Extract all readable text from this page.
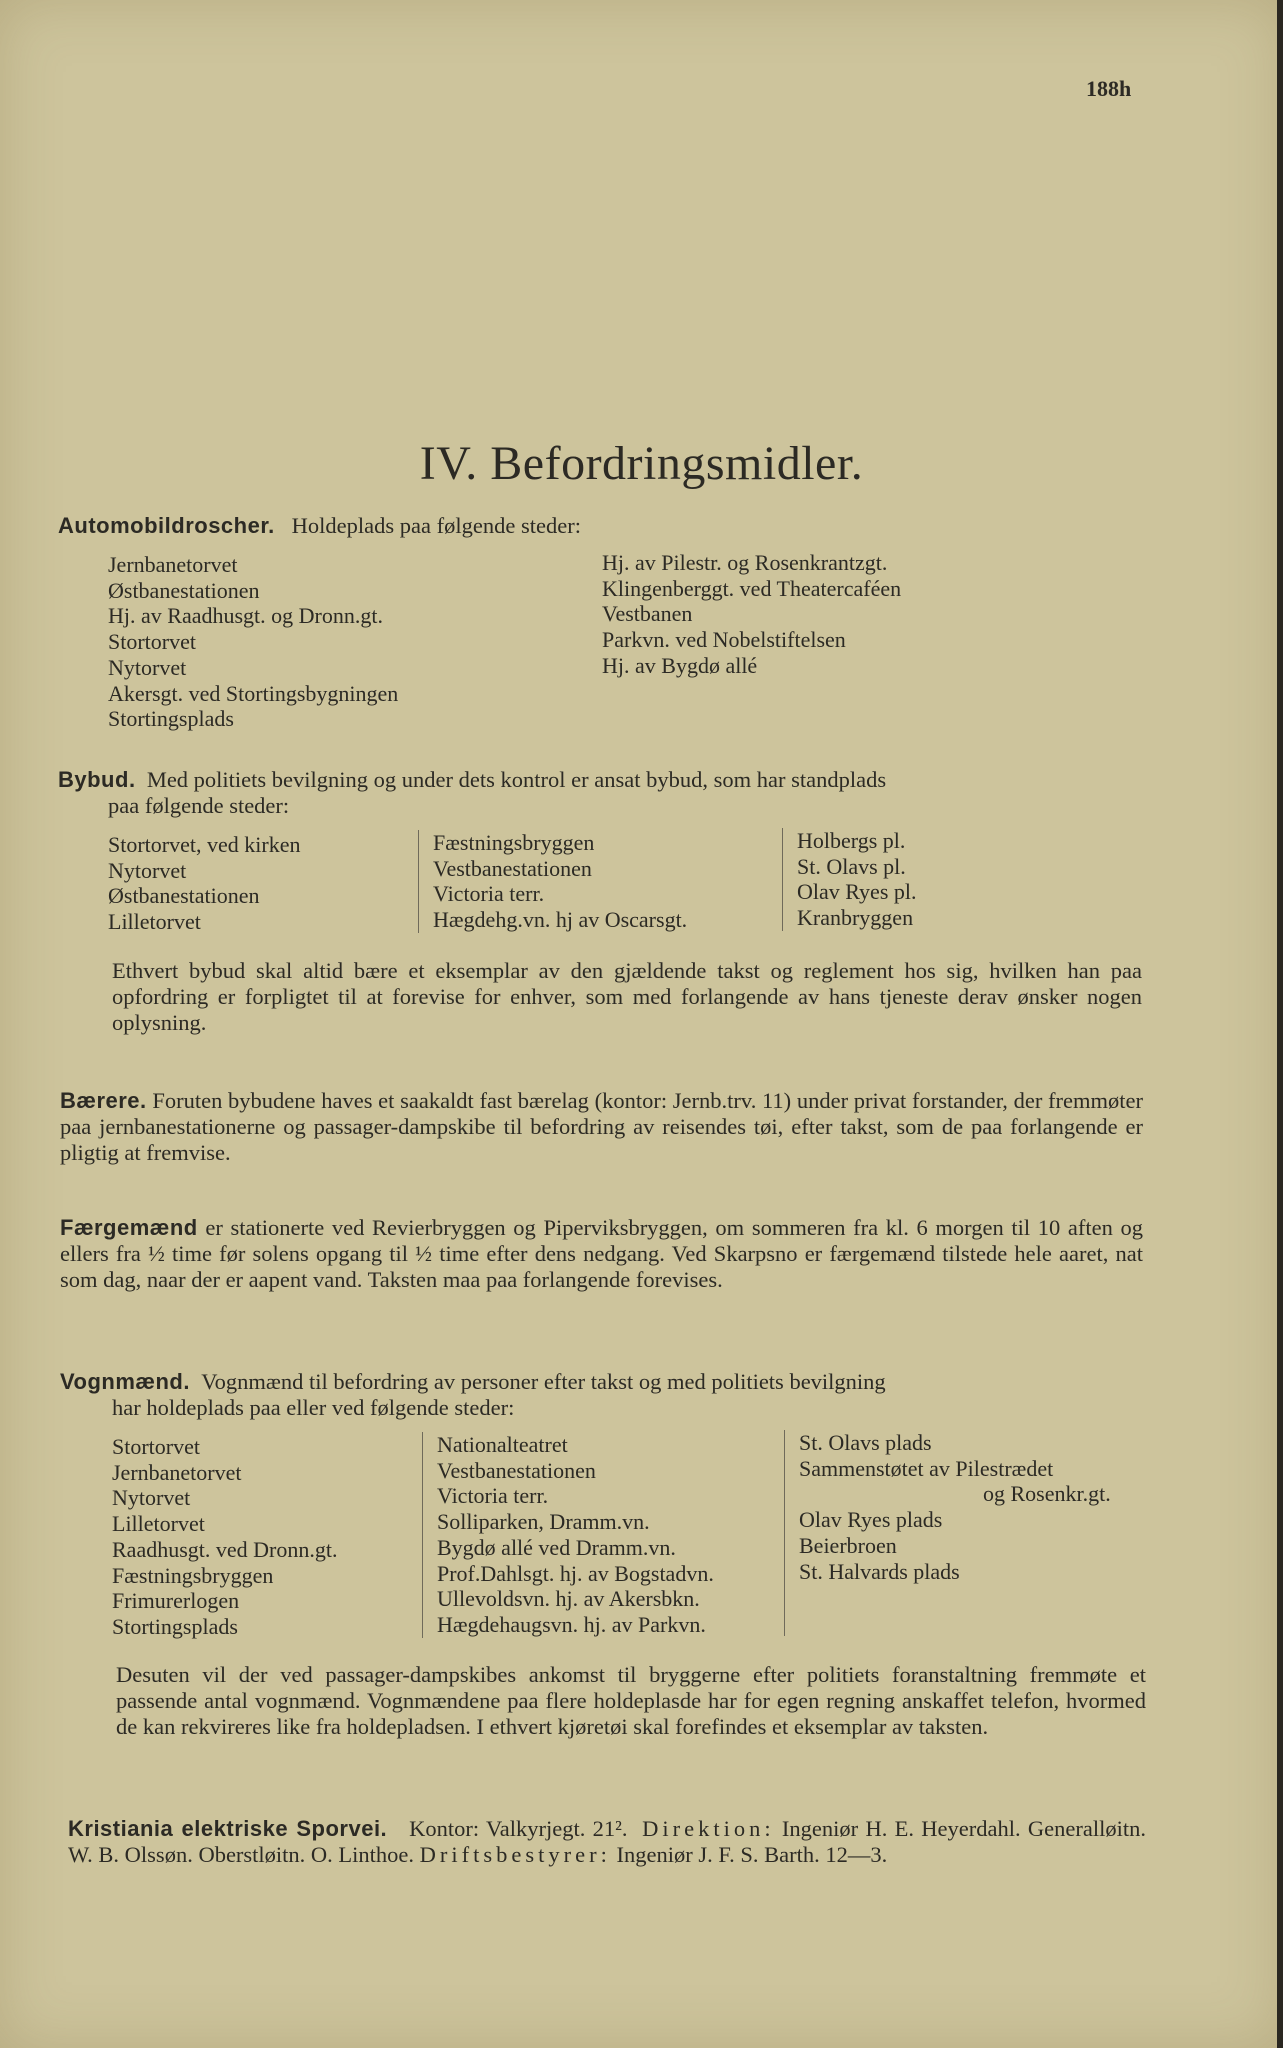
188h
IV. Befordringsmidler.
Automobildroscher. Holdeplads paa følgende steder:
Jernbanetorvet
Østbanestationen
Hj. av Raadhusgt. og Dronn.gt.
Stortorvet
Nytorvet
Akersgt. ved Stortingsbygningen
Stortingsplads
Hj. av Pilestr. og Rosenkrantzgt.
Klingenberggt. ved Theatercaféen
Vestbanen
Parkvn. ved Nobelstiftelsen
Hj. av Bygdø allé
Bybud. Med politiets bevilgning og under dets kontrol er ansat bybud, som har standplads
paa følgende steder:
Stortorvet, ved kirken
Nytorvet
Østbanestationen
Lilletorvet
Fæstningsbryggen
Vestbanestationen
Victoria terr.
Hægdehg.vn. hj av Oscarsgt.
Holbergs pl.
St. Olavs pl.
Olav Ryes pl.
Kranbryggen
Ethvert bybud skal altid bære et eksemplar av den gjældende takst og reglement hos sig, hvilken han paa opfordring er forpligtet til at forevise for enhver, som med forlangende av hans tjeneste derav ønsker nogen oplysning.
Bærere. Foruten bybudene haves et saakaldt fast bærelag (kontor: Jernb.trv. 11) under privat forstander, der fremmøter paa jernbanestationerne og passager-dampskibe til befordring av reisendes tøi, efter takst, som de paa forlangende er pligtig at fremvise.
Færgemænd er stationerte ved Revierbryggen og Piperviksbryggen, om sommeren fra kl. 6 morgen til 10 aften og ellers fra ½ time før solens opgang til ½ time efter dens nedgang. Ved Skarpsno er færgemænd tilstede hele aaret, nat som dag, naar der er aapent vand. Taksten maa paa forlangende forevises.
Vognmænd. Vognmænd til befordring av personer efter takst og med politiets bevilgning
har holdeplads paa eller ved følgende steder:
Stortorvet
Jernbanetorvet
Nytorvet
Lilletorvet
Raadhusgt. ved Dronn.gt.
Fæstningsbryggen
Frimurerlogen
Stortingsplads
Nationalteatret
Vestbanestationen
Victoria terr.
Solliparken, Dramm.vn.
Bygdø allé ved Dramm.vn.
Prof.Dahlsgt. hj. av Bogstadvn.
Ullevoldsvn. hj. av Akersbkn.
Hægdehaugsvn. hj. av Parkvn.
St. Olavs plads
Sammenstøtet av Pilestrædet
og Rosenkr.gt.
Olav Ryes plads
Beierbroen
St. Halvards plads
Desuten vil der ved passager-dampskibes ankomst til bryggerne efter politiets foranstaltning fremmøte et passende antal vognmænd. Vognmændene paa flere holdeplasde har for egen regning anskaffet telefon, hvormed de kan rekvireres like fra holdepladsen. I ethvert kjøretøi skal forefindes et eksemplar av taksten.
Kristiania elektriske Sporvei. Kontor: Valkyrjegt. 21². Direktion: Ingeniør H. E. Heyerdahl. Generalløitn. W. B. Olssøn. Oberstløitn. O. Linthoe. Driftsbestyrer: Ingeniør J. F. S. Barth. 12—3.
